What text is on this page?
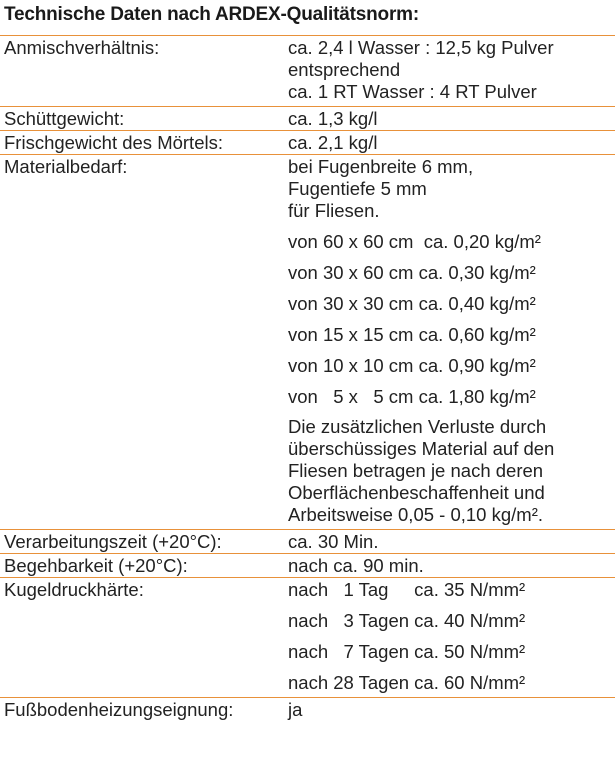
Technische Daten nach ARDEX-Qualitätsnorm:
Anmischverhältnis:	ca. 2,4 l Wasser : 12,5 kg Pulver
entsprechend
ca. 1 RT Wasser : 4 RT Pulver
Schüttgewicht:	ca. 1,3 kg/l
Frischgewicht des Mörtels:	ca. 2,1 kg/l
Materialbedarf:	bei Fugenbreite 6 mm,
Fugentiefe 5 mm
für Fliesen.
von 60 x 60 cm  ca. 0,20 kg/m²
von 30 x 60 cm ca. 0,30 kg/m²
von 30 x 30 cm ca. 0,40 kg/m²
von 15 x 15 cm ca. 0,60 kg/m²
von 10 x 10 cm ca. 0,90 kg/m²
von   5 x   5 cm ca. 1,80 kg/m²
Die zusätzlichen Verluste durch
überschüssiges Material auf den
Fliesen betragen je nach deren
Oberflächenbeschaffenheit und
Arbeitsweise 0,05 - 0,10 kg/m².
Verarbeitungszeit (+20°C):	ca. 30 Min.
Begehbarkeit (+20°C):	nach ca. 90 min.
Kugeldruckhärte:	nach   1 Tag     ca. 35 N/mm²
nach   3 Tagen ca. 40 N/mm²
nach   7 Tagen ca. 50 N/mm²
nach 28 Tagen ca. 60 N/mm²
Fußbodenheizungseignung:	ja
